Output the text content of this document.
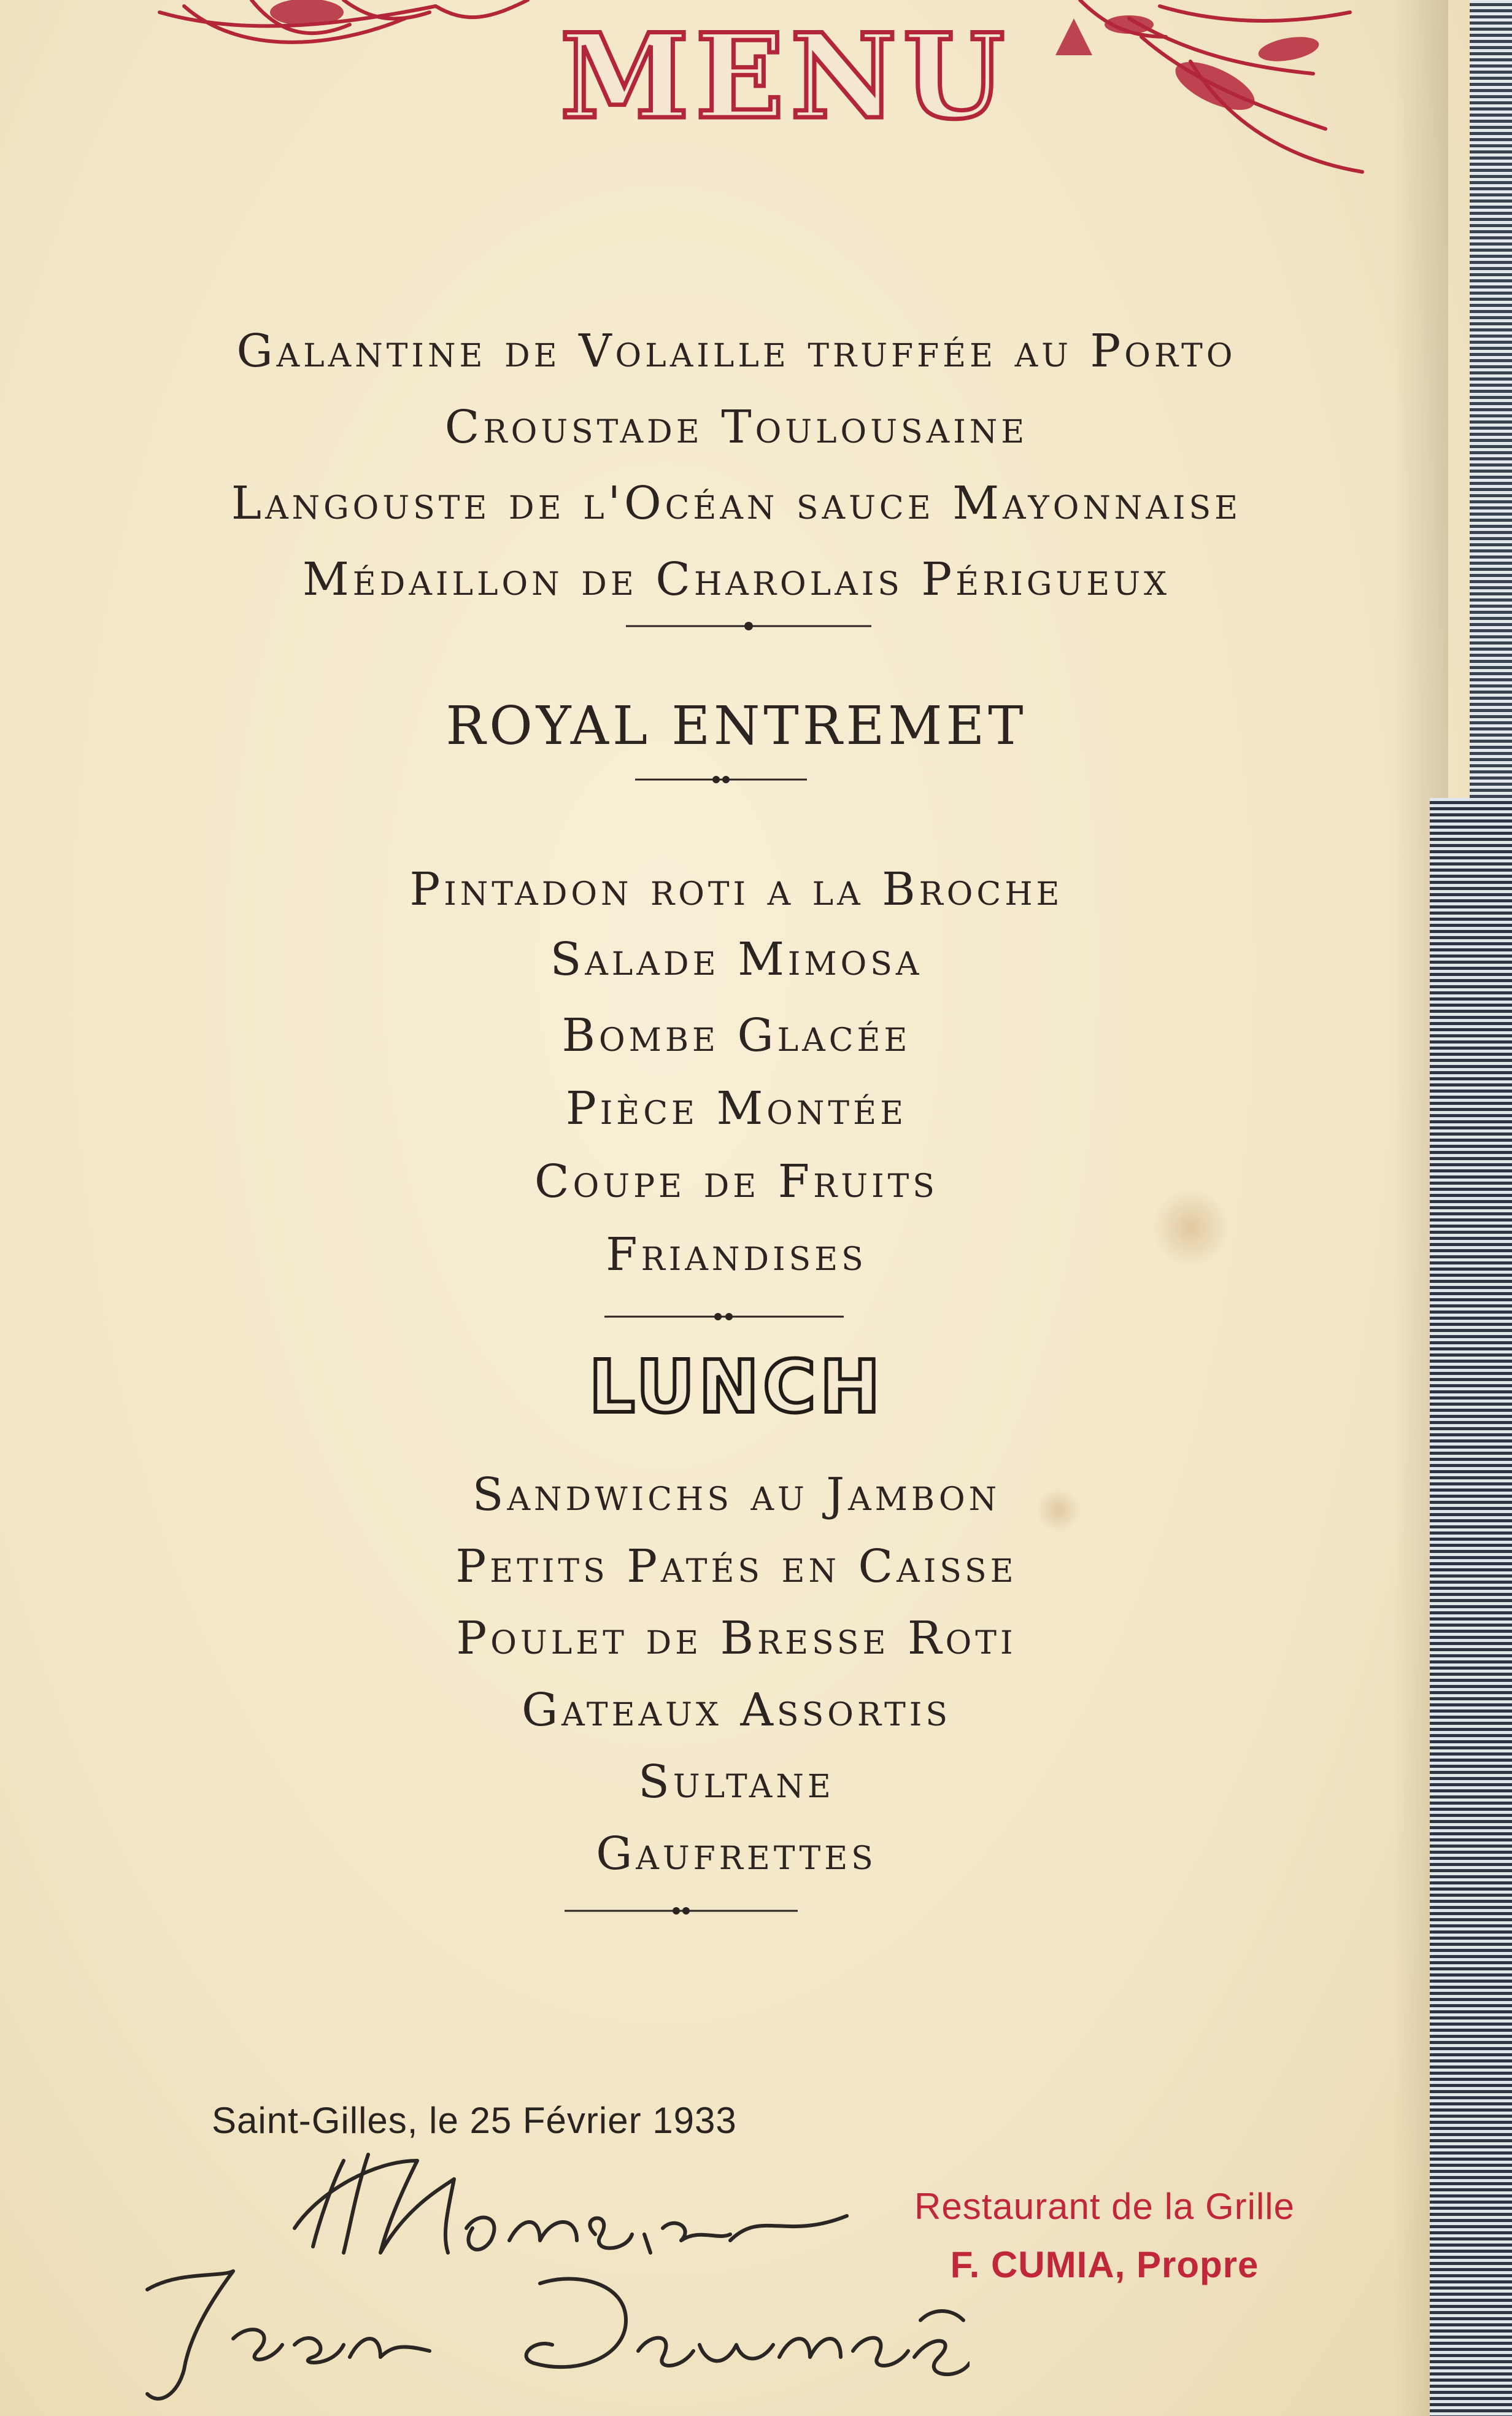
MENU

Galantine de Volaille truffée au Porto

Croustade Toulousaine

Langouste de l'Océan sauce Mayonnaise

Médaillon de Charolais Périgueux

ROYAL ENTREMET

Pintadon roti a la Broche

Salade Mimosa

Bombe Glacée

Pièce Montée

Coupe de Fruits

Friandises

LUNCH

Sandwichs au Jambon

Petits Patés en Caisse

Poulet de Bresse Roti

Gateaux Assortis

Sultane

Gaufrettes

Saint-Gilles, le 25 Février 1933
Restaurant de la Grille
F. CUMIA, Propre
